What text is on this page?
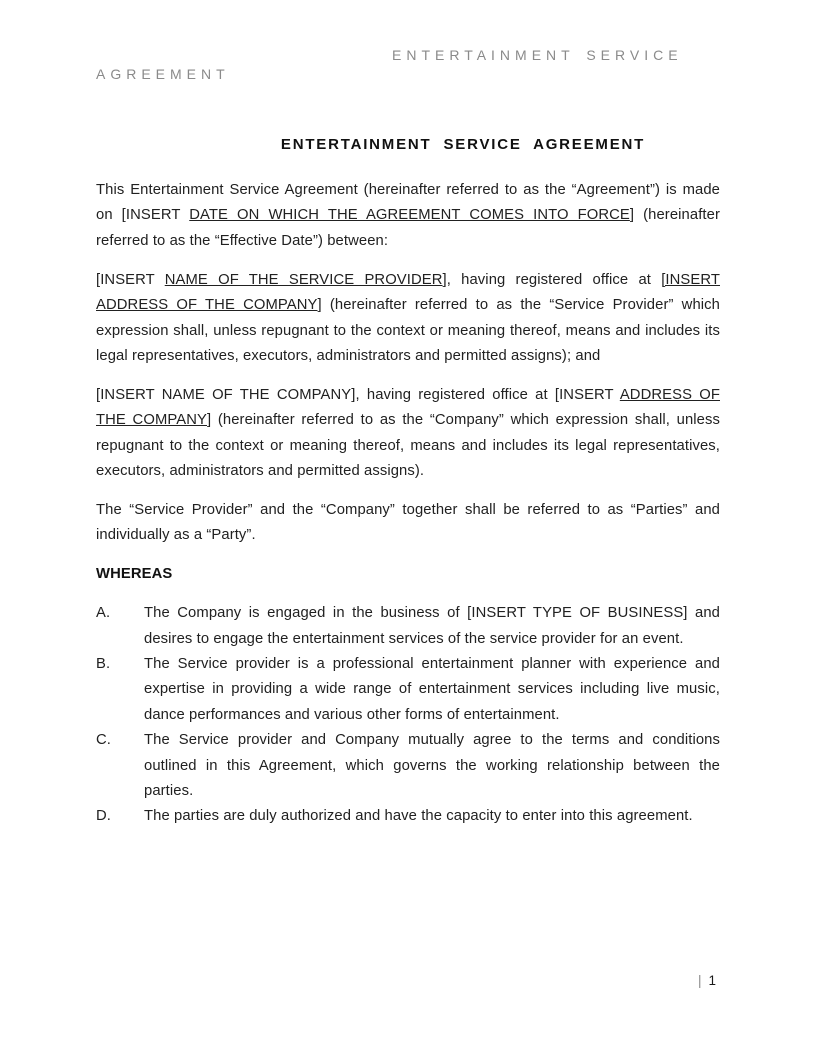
ENTERTAINMENT SERVICE AGREEMENT
ENTERTAINMENT SERVICE AGREEMENT

This Entertainment Service Agreement (hereinafter referred to as the “Agreement”) is made on [INSERT DATE ON WHICH THE AGREEMENT COMES INTO FORCE] (hereinafter referred to as the “Effective Date”) between:

[INSERT NAME OF THE SERVICE PROVIDER], having registered office at [INSERT ADDRESS OF THE COMPANY] (hereinafter referred to as the “Service Provider” which expression shall, unless repugnant to the context or meaning thereof, means and includes its legal representatives, executors, administrators and permitted assigns); and

[INSERT NAME OF THE COMPANY], having registered office at [INSERT ADDRESS OF THE COMPANY] (hereinafter referred to as the “Company” which expression shall, unless repugnant to the context or meaning thereof, means and includes its legal representatives, executors, administrators and permitted assigns).

The “Service Provider” and the “Company” together shall be referred to as “Parties” and individually as a “Party”.

WHEREAS
A. The Company is engaged in the business of [INSERT TYPE OF BUSINESS] and desires to engage the entertainment services of the service provider for an event.
B. The Service provider is a professional entertainment planner with experience and expertise in providing a wide range of entertainment services including live music, dance performances and various other forms of entertainment.
C. The Service provider and Company mutually agree to the terms and conditions outlined in this Agreement, which governs the working relationship between the parties.
D. The parties are duly authorized and have the capacity to enter into this agreement.
| 1
